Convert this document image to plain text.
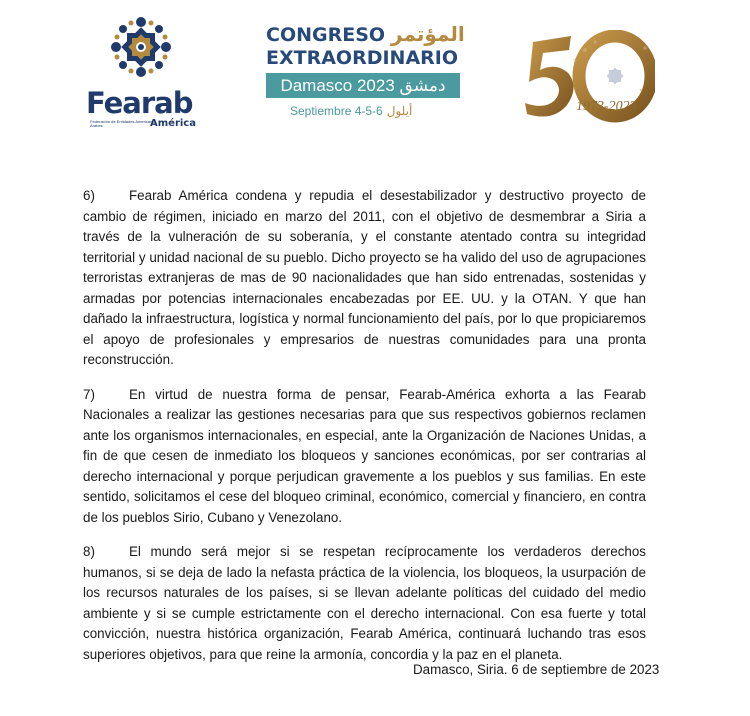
Fearab
Federación de Entidades Americano Árabes	América
CONGRESO المؤتمر
EXTRAORDINARIO
Damasco 2023 دمشق
Septiembre 4-5-6 أيلول	1973-2023

6)	Fearab América condena y repudia el desestabilizador y destructivo proyecto de cambio de régimen, iniciado en marzo del 2011, con el objetivo de desmembrar a Siria a través de la vulneración de su soberanía, y el constante atentado contra su integridad territorial y unidad nacional de su pueblo. Dicho proyecto se ha valido del uso de agrupaciones terroristas extranjeras de mas de 90 nacionalidades que han sido entrenadas, sostenidas y armadas por potencias internacionales encabezadas por EE. UU. y la OTAN. Y que han dañado la infraestructura, logística y normal funcionamiento del país, por lo que propiciaremos el apoyo de profesionales y empresarios de nuestras comunidades para una pronta reconstrucción.

7)	En virtud de nuestra forma de pensar, Fearab-América exhorta a las Fearab Nacionales a realizar las gestiones necesarias para que sus respectivos gobiernos reclamen ante los organismos internacionales, en especial, ante la Organización de Naciones Unidas, a fin de que cesen de inmediato los bloqueos y sanciones económicas, por ser contrarias al derecho internacional y porque perjudican gravemente a los pueblos y sus familias. En este sentido, solicitamos el cese del bloqueo criminal, económico, comercial y financiero, en contra de los pueblos Sirio, Cubano y Venezolano.

8)	El mundo será mejor si se respetan recíprocamente los verdaderos derechos humanos, si se deja de lado la nefasta práctica de la violencia, los bloqueos, la usurpación de los recursos naturales de los países, si se llevan adelante políticas del cuidado del medio ambiente y si se cumple estrictamente con el derecho internacional. Con esa fuerte y total convicción, nuestra histórica organización, Fearab América, continuará luchando tras esos superiores objetivos, para que reine la armonía, concordia y la paz en el planeta.

Damasco, Siria. 6 de septiembre de 2023
